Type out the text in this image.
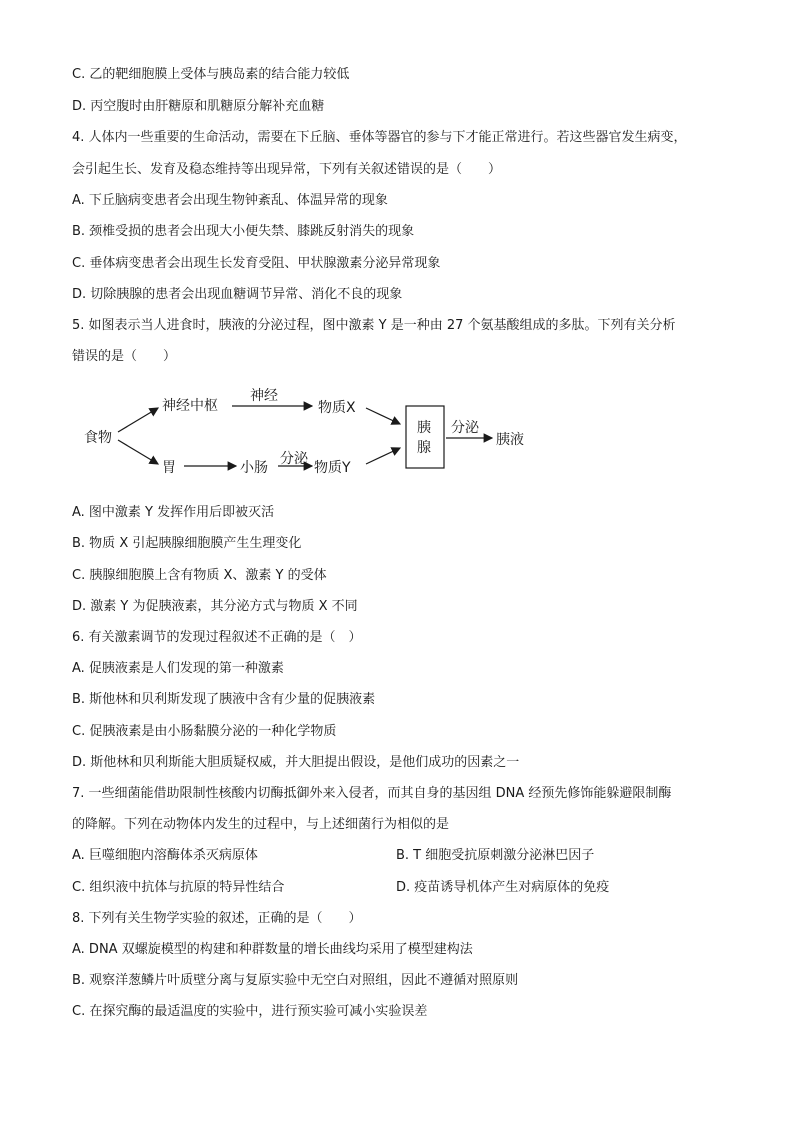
C. 乙的靶细胞膜上受体与胰岛素的结合能力较低
D. 丙空腹时由肝糖原和肌糖原分解补充血糖
4. 人体内一些重要的生命活动，需要在下丘脑、垂体等器官的参与下才能正常进行。若这些器官发生病变，
会引起生长、发育及稳态维持等出现异常，下列有关叙述错误的是（　　）
A. 下丘脑病变患者会出现生物钟紊乱、体温异常的现象
B. 颈椎受损的患者会出现大小便失禁、膝跳反射消失的现象
C. 垂体病变患者会出现生长发育受阻、甲状腺激素分泌异常现象
D. 切除胰腺的患者会出现血糖调节异常、消化不良的现象
5. 如图表示当人进食时，胰液的分泌过程，图中激素 Y 是一种由 27 个氨基酸组成的多肽。下列有关分析
错误的是（　　）
食物
神经中枢
神经
物质X
胃	小肠
分泌
物质Y
胰
腺
分泌
胰液
A. 图中激素 Y 发挥作用后即被灭活
B. 物质 X 引起胰腺细胞膜产生生理变化
C. 胰腺细胞膜上含有物质 X、激素 Y 的受体
D. 激素 Y 为促胰液素，其分泌方式与物质 X 不同
6. 有关激素调节的发现过程叙述不正确的是（　）
A. 促胰液素是人们发现的第一种激素
B. 斯他林和贝利斯发现了胰液中含有少量的促胰液素
C. 促胰液素是由小肠黏膜分泌的一种化学物质
D. 斯他林和贝利斯能大胆质疑权威，并大胆提出假设，是他们成功的因素之一
7. 一些细菌能借助限制性核酸内切酶抵御外来入侵者，而其自身的基因组 DNA 经预先修饰能躲避限制酶
的降解。下列在动物体内发生的过程中，与上述细菌行为相似的是
A. 巨噬细胞内溶酶体杀灭病原体	B. T 细胞受抗原刺激分泌淋巴因子
C. 组织液中抗体与抗原的特异性结合	D. 疫苗诱导机体产生对病原体的免疫
8. 下列有关生物学实验的叙述，正确的是（　　）
A. DNA 双螺旋模型的构建和种群数量的增长曲线均采用了模型建构法
B. 观察洋葱鳞片叶质壁分离与复原实验中无空白对照组，因此不遵循对照原则
C. 在探究酶的最适温度的实验中，进行预实验可减小实验误差
